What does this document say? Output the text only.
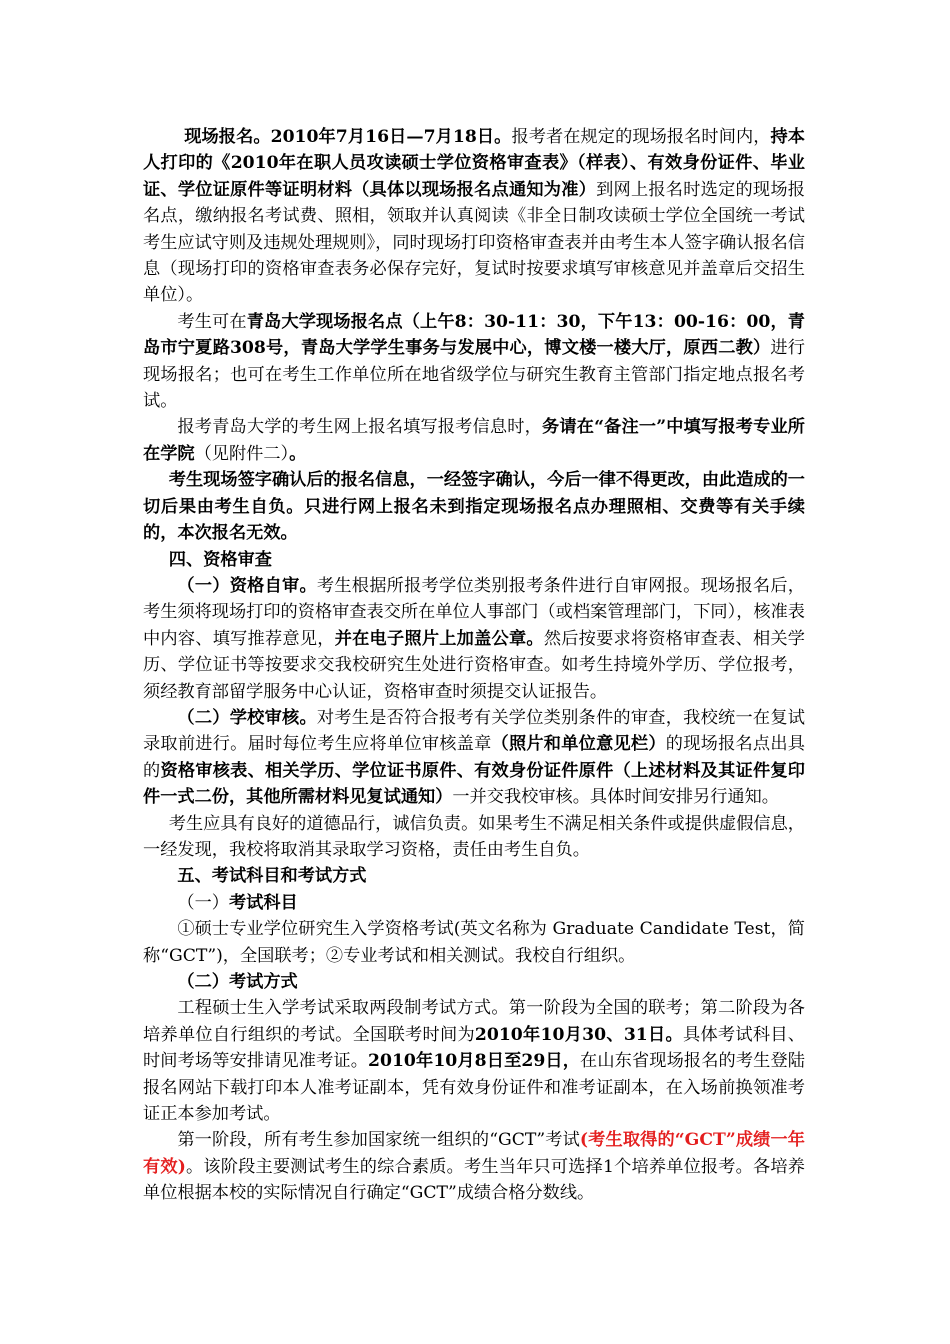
现场报名。2010年7月16日—7月18日。报考者在规定的现场报名时间内，持本人打印的《2010年在职人员攻读硕士学位资格审查表》（样表）、有效身份证件、毕业证、学位证原件等证明材料（具体以现场报名点通知为准）到网上报名时选定的现场报名点，缴纳报名考试费、照相，领取并认真阅读《非全日制攻读硕士学位全国统一考试考生应试守则及违规处理规则》，同时现场打印资格审查表并由考生本人签字确认报名信息（现场打印的资格审查表务必保存完好，复试时按要求填写审核意见并盖章后交招生单位）。
考生可在青岛大学现场报名点（上午8：30-11：30，下午13：00-16：00，青岛市宁夏路308号，青岛大学学生事务与发展中心，博文楼一楼大厅，原西二教）进行现场报名；也可在考生工作单位所在地省级学位与研究生教育主管部门指定地点报名考试。
报考青岛大学的考生网上报名填写报考信息时，务请在“备注一”中填写报考专业所在学院（见附件二）。
考生现场签字确认后的报名信息，一经签字确认，今后一律不得更改，由此造成的一切后果由考生自负。只进行网上报名未到指定现场报名点办理照相、交费等有关手续的，本次报名无效。
四、资格审查
（一）资格自审。考生根据所报考学位类别报考条件进行自审网报。现场报名后，考生须将现场打印的资格审查表交所在单位人事部门（或档案管理部门，下同），核准表中内容、填写推荐意见，并在电子照片上加盖公章。然后按要求将资格审查表、相关学历、学位证书等按要求交我校研究生处进行资格审查。如考生持境外学历、学位报考，须经教育部留学服务中心认证，资格审查时须提交认证报告。
（二）学校审核。对考生是否符合报考有关学位类别条件的审查，我校统一在复试录取前进行。届时每位考生应将单位审核盖章（照片和单位意见栏）的现场报名点出具的资格审核表、相关学历、学位证书原件、有效身份证件原件（上述材料及其证件复印件一式二份，其他所需材料见复试通知）一并交我校审核。具体时间安排另行通知。
考生应具有良好的道德品行，诚信负责。如果考生不满足相关条件或提供虚假信息，一经发现，我校将取消其录取学习资格，责任由考生自负。
五、考试科目和考试方式
（一）考试科目
①硕士专业学位研究生入学资格考试(英文名称为 Graduate Candidate Test，简称“GCT”)，全国联考；②专业考试和相关测试。我校自行组织。
（二）考试方式
工程硕士生入学考试采取两段制考试方式。第一阶段为全国的联考；第二阶段为各培养单位自行组织的考试。全国联考时间为2010年10月30、31日。具体考试科目、时间考场等安排请见准考证。2010年10月8日至29日，在山东省现场报名的考生登陆报名网站下载打印本人准考证副本，凭有效身份证件和准考证副本，在入场前换领准考证正本参加考试。
第一阶段，所有考生参加国家统一组织的“GCT”考试(考生取得的“GCT”成绩一年有效)。该阶段主要测试考生的综合素质。考生当年只可选择1个培养单位报考。各培养单位根据本校的实际情况自行确定“GCT”成绩合格分数线。
